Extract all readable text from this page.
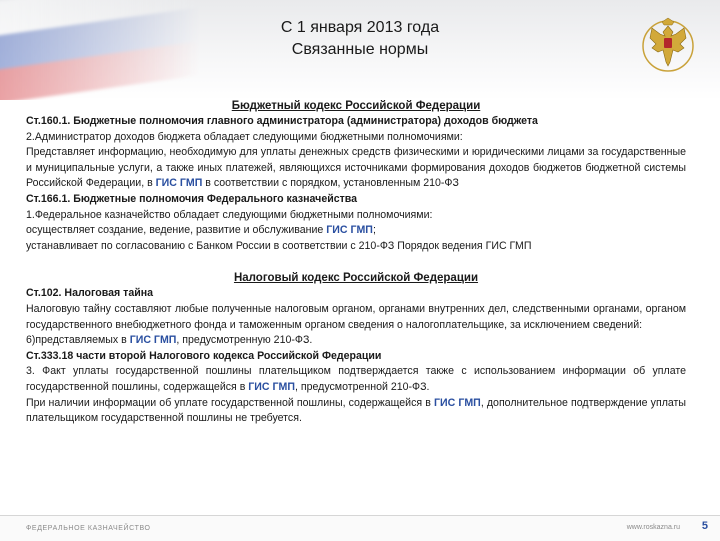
С 1 января 2013 года
Связанные нормы
Бюджетный кодекс Российской Федерации

Ст.160.1. Бюджетные полномочия главного администратора (администратора) доходов бюджета

2.Администратор доходов бюджета обладает следующими бюджетными полномочиями:

Представляет информацию, необходимую для уплаты денежных средств физическими и юридическими лицами за государственные и муниципальные услуги, а также иных платежей, являющихся источниками формирования доходов бюджетов бюджетной системы Российской Федерации, в ГИС ГМП в соответствии с порядком, установленным 210-ФЗ

Ст.166.1. Бюджетные полномочия Федерального казначейства

1.Федеральное казначейство обладает следующими бюджетными полномочиями:

осуществляет создание, ведение, развитие и обслуживание ГИС ГМП;

устанавливает по согласованию с Банком России в соответствии с 210-ФЗ Порядок ведения ГИС ГМП

Налоговый кодекс Российской Федерации

Ст.102. Налоговая тайна

Налоговую тайну составляют любые полученные налоговым органом, органами внутренних дел, следственными органами, органом государственного внебюджетного фонда и таможенным органом сведения о налогоплательщике, за исключением сведений:

6)представляемых в ГИС ГМП, предусмотренную 210-ФЗ.

Ст.333.18 части второй Налогового кодекса Российской Федерации

3. Факт уплаты государственной пошлины плательщиком подтверждается также с использованием информации об уплате государственной пошлины, содержащейся в ГИС ГМП, предусмотренной 210-ФЗ.

При наличии информации об уплате государственной пошлины, содержащейся в ГИС ГМП, дополнительное подтверждение уплаты плательщиком государственной пошлины не требуется.

ФЕДЕРАЛЬНОЕ КАЗНАЧЕЙСТВО	www.roskazna.ru 5
